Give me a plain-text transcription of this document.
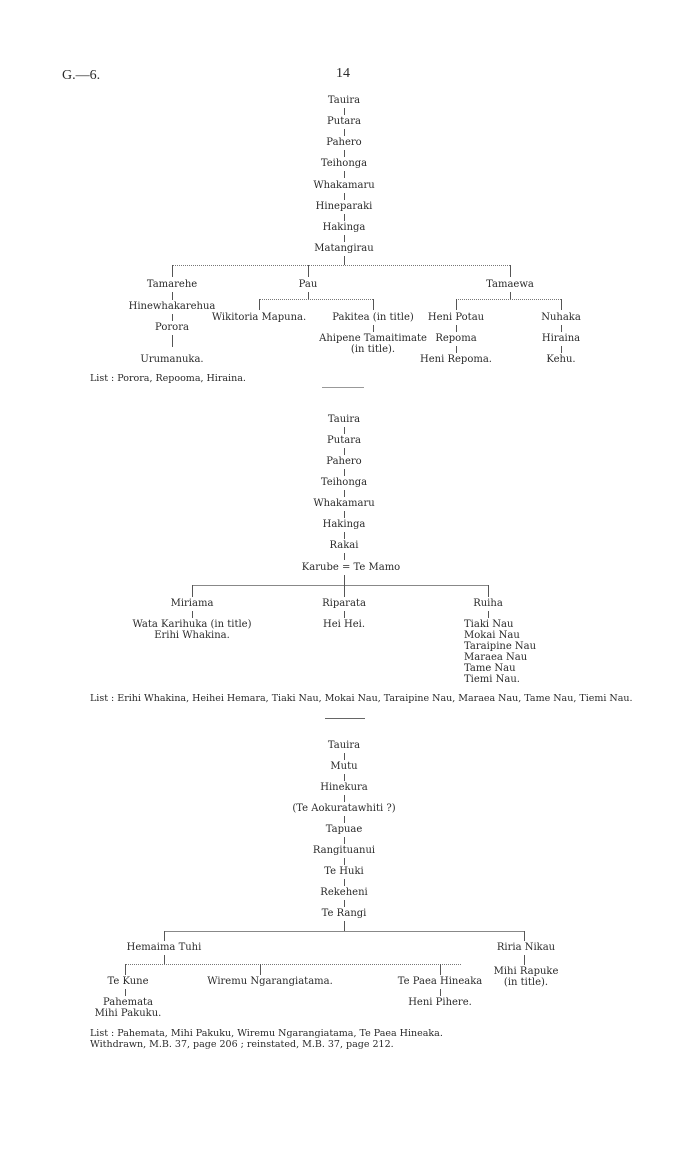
G.—6.	14
Tauira
Putara
Pahero
Teihonga
Whakamaru
Hineparaki
Hakinga
Matangirau
Tamarehe
Hinewhakarehua
Porora
Urumanuka.
Pau
Wikitoria Mapuna.	Pakitea (in title)
Ahipene Tamaitimate
(in title).
Tamaewa
Heni Potau
Repoma
Heni Repoma.
Nuhaka
Hiraina
Kehu.
List : Porora, Repooma, Hiraina.
Tauira
Putara
Pahero
Teihonga
Whakamaru
Hakinga
Rakai
Karube = Te Mamo
Miriama
Wata Karihuka (in title)
Erihi Whakina.
Riparata
Hei Hei.
Ruiha
Tiaki Nau
Mokai Nau
Taraipine Nau
Maraea Nau
Tame Nau
Tiemi Nau.
List : Erihi Whakina, Heihei Hemara, Tiaki Nau, Mokai Nau, Taraipine Nau, Maraea Nau, Tame Nau, Tiemi Nau.
Tauira
Mutu
Hinekura
(Te Aokuratawhiti ?)
Tapuae
Rangituanui
Te Huki
Rekeheni
Te Rangi
Hemaima Tuhi
Te Kune
Pahemata
Mihi Pakuku.
Wiremu Ngarangiatama.	Te Paea Hineaka
Heni Pihere.
Riria Nikau
Mihi Rapuke
(in title).
List : Pahemata, Mihi Pakuku, Wiremu Ngarangiatama, Te Paea Hineaka.
Withdrawn, M.B. 37, page 206 ; reinstated, M.B. 37, page 212.
